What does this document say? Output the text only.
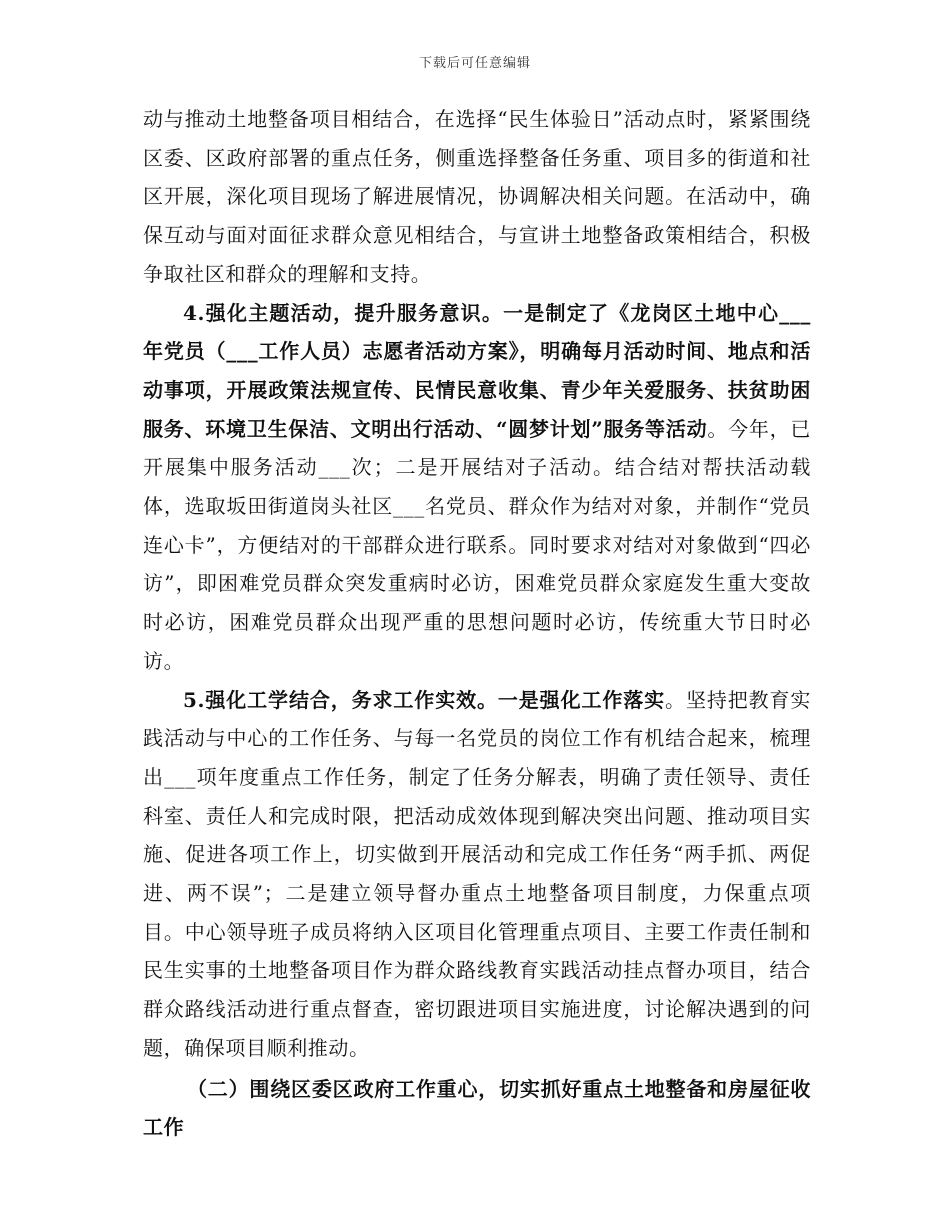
下载后可任意编辑

动与推动土地整备项目相结合，在选择“民生体验日”活动点时，紧紧围绕区委、区政府部署的重点任务，侧重选择整备任务重、项目多的街道和社区开展，深化项目现场了解进展情况，协调解决相关问题。在活动中，确保互动与面对面征求群众意见相结合，与宣讲土地整备政策相结合，积极争取社区和群众的理解和支持。

4.强化主题活动，提升服务意识。一是制定了《龙岗区土地中心___年党员（___工作人员）志愿者活动方案》，明确每月活动时间、地点和活动事项，开展政策法规宣传、民情民意收集、青少年关爱服务、扶贫助困服务、环境卫生保洁、文明出行活动、“圆梦计划”服务等活动。今年，已开展集中服务活动___次；二是开展结对子活动。结合结对帮扶活动载体，选取坂田街道岗头社区___名党员、群众作为结对对象，并制作“党员连心卡”，方便结对的干部群众进行联系。同时要求对结对对象做到“四必访”，即困难党员群众突发重病时必访，困难党员群众家庭发生重大变故时必访，困难党员群众出现严重的思想问题时必访，传统重大节日时必访。

5.强化工学结合，务求工作实效。一是强化工作落实。坚持把教育实践活动与中心的工作任务、与每一名党员的岗位工作有机结合起来，梳理出___项年度重点工作任务，制定了任务分解表，明确了责任领导、责任科室、责任人和完成时限，把活动成效体现到解决突出问题、推动项目实施、促进各项工作上，切实做到开展活动和完成工作任务“两手抓、两促进、两不误”；二是建立领导督办重点土地整备项目制度，力保重点项目。中心领导班子成员将纳入区项目化管理重点项目、主要工作责任制和民生实事的土地整备项目作为群众路线教育实践活动挂点督办项目，结合群众路线活动进行重点督查，密切跟进项目实施进度，讨论解决遇到的问题，确保项目顺利推动。

（二）围绕区委区政府工作重心，切实抓好重点土地整备和房屋征收工作
